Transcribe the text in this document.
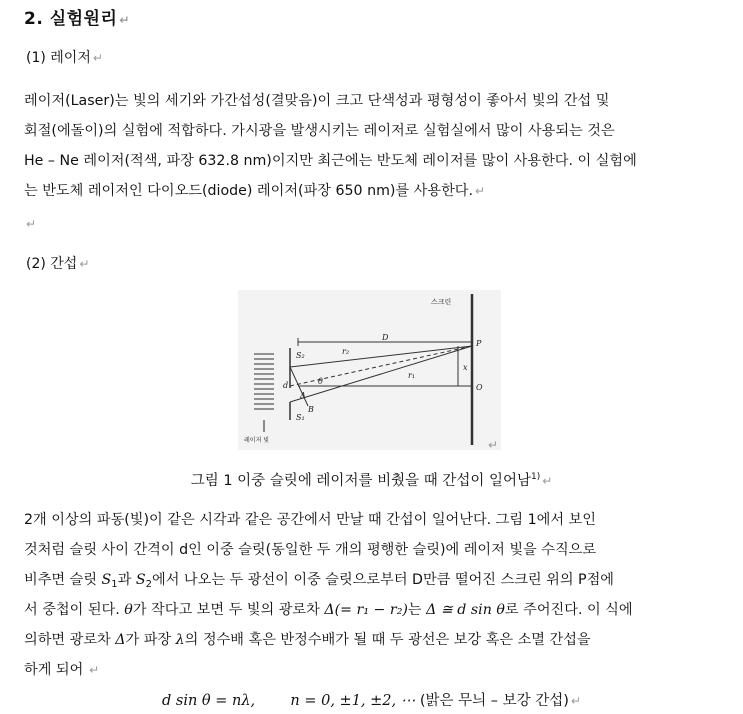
2. 실험원리 ↵
(1) 레이저 ↵
레이저(Laser)는 빛의 세기와 가간섭성(결맞음)이 크고 단색성과 평형성이 좋아서 빛의 간섭 및
회절(에돌이)의 실험에 적합하다. 가시광을 발생시키는 레이저로 실험실에서 많이 사용되는 것은
He – Ne 레이저(적색, 파장 632.8 nm)이지만 최근에는 반도체 레이저를 많이 사용한다. 이 실험에
는 반도체 레이저인 다이오드(diode) 레이저(파장 650 nm)를 사용한다. ↵
↵
(2) 간섭 ↵
스크린
D
r₂
r₁
S₂
S₁
P
O
x
d	θ
B
Δ
레이저 빛	↵
그림 1 이중 슬릿에 레이저를 비췄을 때 간섭이 일어남$^{1)}$ ↵
2개 이상의 파동(빛)이 같은 시각과 같은 공간에서 만날 때 간섭이 일어난다. 그림 1에서 보인
것처럼 슬릿 사이 간격이 d인 이중 슬릿(동일한 두 개의 평행한 슬릿)에 레이저 빛을 수직으로
비추면 슬릿 $S_1$과 $S_2$에서 나오는 두 광선이 이중 슬릿으로부터 D만큼 떨어진 스크린 위의 P점에
서 중첩이 된다. θ가 작다고 보면 두 빛의 광로차 Δ(= r₁ − r₂)는 Δ ≅ d sin θ로 주어진다. 이 식에
의하면 광로차 Δ가 파장 λ의 정수배 혹은 반정수배가 될 때 두 광선은 보강 혹은 소멸 간섭을
하게 되어 ↵
d sin θ = nλ, n = 0, ±1, ±2, ⋯ (밝은 무늬 – 보강 간섭) ↵
